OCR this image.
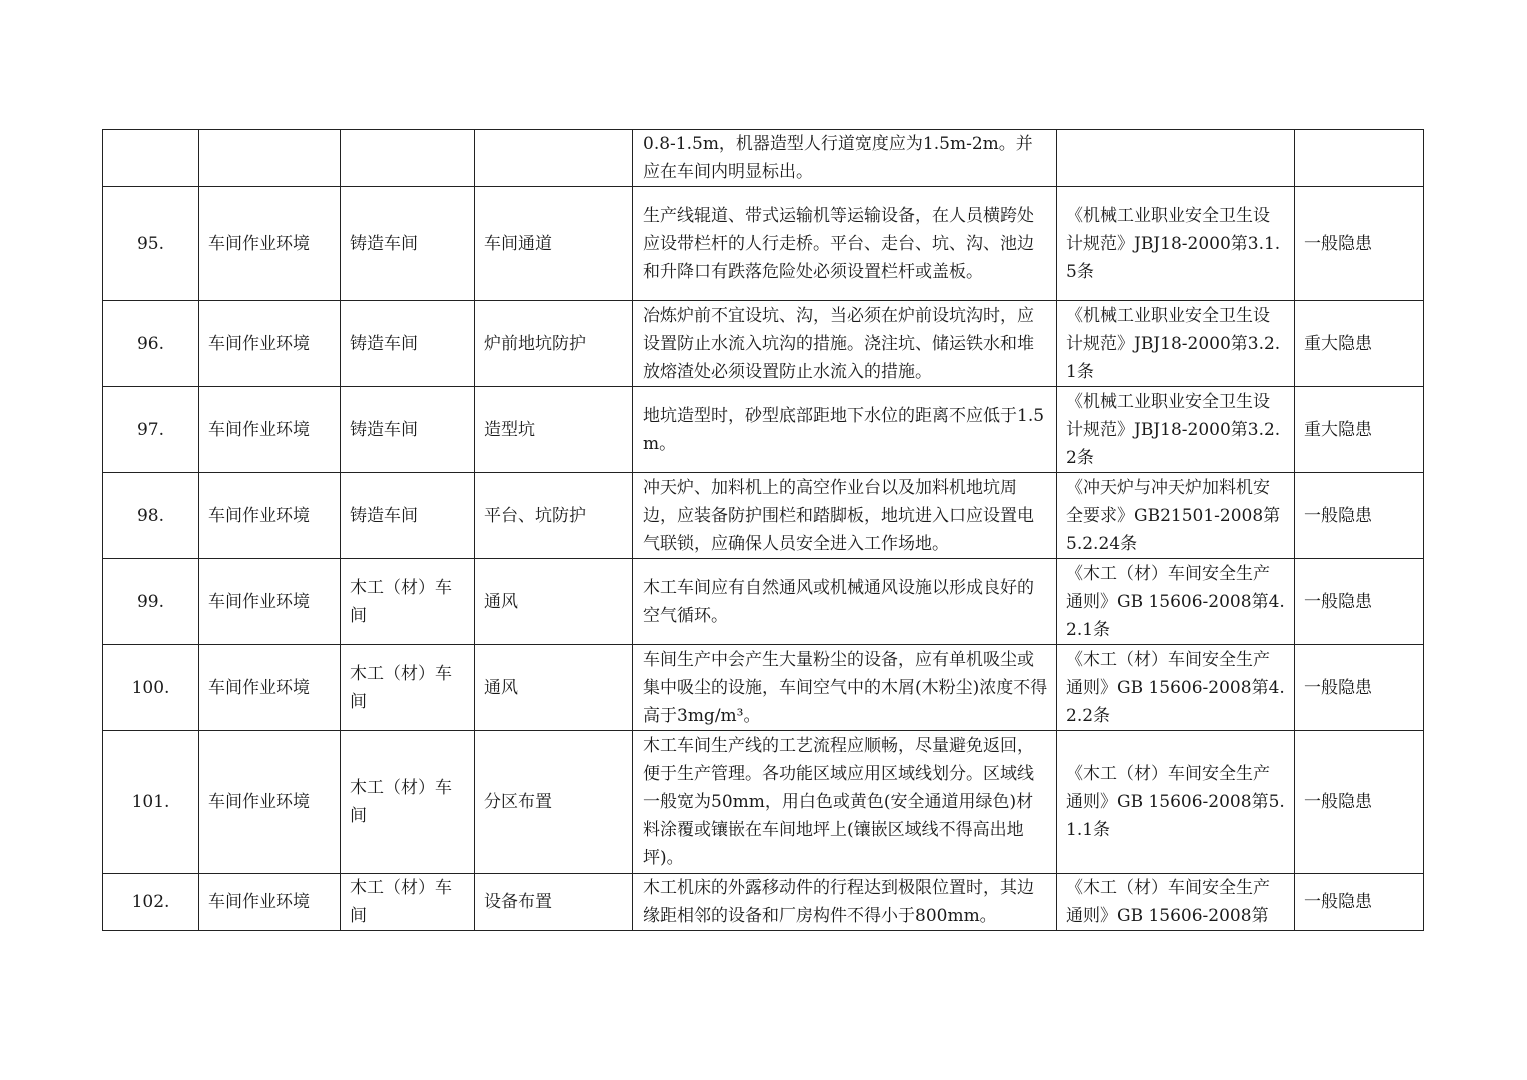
				0.8-1.5m，机器造型人行道宽度应为1.5m-2m。并应在车间内明显标出。		
95.	车间作业环境	铸造车间	车间通道	生产线辊道、带式运输机等运输设备，在人员横跨处应设带栏杆的人行走桥。平台、走台、坑、沟、池边和升降口有跌落危险处必须设置栏杆或盖板。	《机械工业职业安全卫生设计规范》JBJ18-2000第3.1.5条	一般隐患
96.	车间作业环境	铸造车间	炉前地坑防护	冶炼炉前不宜设坑、沟，当必须在炉前设坑沟时，应设置防止水流入坑沟的措施。浇注坑、储运铁水和堆放熔渣处必须设置防止水流入的措施。	《机械工业职业安全卫生设计规范》JBJ18-2000第3.2.1条	重大隐患
97.	车间作业环境	铸造车间	造型坑	地坑造型时，砂型底部距地下水位的距离不应低于1.5m。	《机械工业职业安全卫生设计规范》JBJ18-2000第3.2.2条	重大隐患
98.	车间作业环境	铸造车间	平台、坑防护	冲天炉、加料机上的高空作业台以及加料机地坑周边，应装备防护围栏和踏脚板，地坑进入口应设置电气联锁，应确保人员安全进入工作场地。	《冲天炉与冲天炉加料机安全要求》GB21501-2008第5.2.24条	一般隐患
99.	车间作业环境	木工（材）车间	通风	木工车间应有自然通风或机械通风设施以形成良好的空气循环。	《木工（材）车间安全生产通则》GB 15606-2008第4.2.1条	一般隐患
100.	车间作业环境	木工（材）车间	通风	车间生产中会产生大量粉尘的设备，应有单机吸尘或集中吸尘的设施，车间空气中的木屑(木粉尘)浓度不得高于3mg/m³。	《木工（材）车间安全生产通则》GB 15606-2008第4.2.2条	一般隐患
101.	车间作业环境	木工（材）车间	分区布置	木工车间生产线的工艺流程应顺畅，尽量避免返回，便于生产管理。各功能区域应用区域线划分。区域线一般宽为50mm，用白色或黄色(安全通道用绿色)材料涂覆或镶嵌在车间地坪上(镶嵌区域线不得高出地坪)。	《木工（材）车间安全生产通则》GB 15606-2008第5.1.1条	一般隐患
102.	车间作业环境	木工（材）车间	设备布置	木工机床的外露移动件的行程达到极限位置时，其边缘距相邻的设备和厂房构件不得小于800mm。	《木工（材）车间安全生产通则》GB 15606-2008第	一般隐患
